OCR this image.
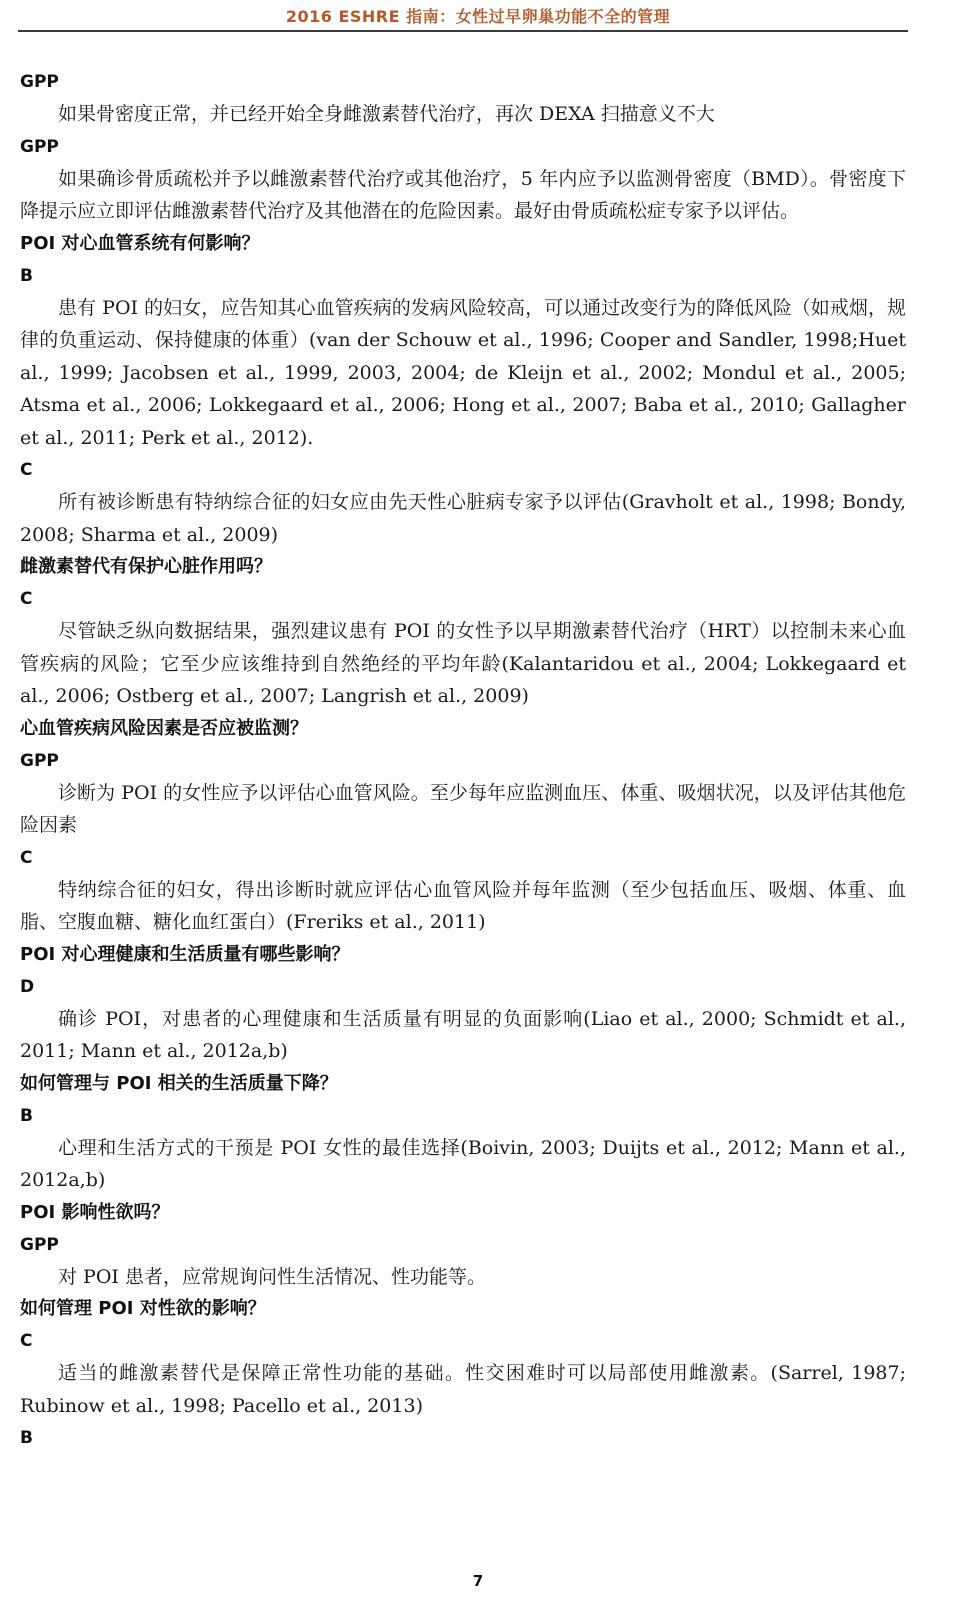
2016 ESHRE 指南：女性过早卵巢功能不全的管理
GPP

如果骨密度正常，并已经开始全身雌激素替代治疗，再次 DEXA 扫描意义不大

GPP

如果确诊骨质疏松并予以雌激素替代治疗或其他治疗，5 年内应予以监测骨密度（BMD）。骨密度下降提示应立即评估雌激素替代治疗及其他潜在的危险因素。最好由骨质疏松症专家予以评估。

POI 对心血管系统有何影响？
B

患有 POI 的妇女，应告知其心血管疾病的发病风险较高，可以通过改变行为的降低风险（如戒烟，规律的负重运动、保持健康的体重）(van der Schouw et al., 1996; Cooper and Sandler, 1998;Huet al., 1999; Jacobsen et al., 1999, 2003, 2004; de Kleijn et al., 2002; Mondul et al., 2005; Atsma et al., 2006; Lokkegaard et al., 2006; Hong et al., 2007; Baba et al., 2010; Gallagher et al., 2011; Perk et al., 2012).

C

所有被诊断患有特纳综合征的妇女应由先天性心脏病专家予以评估(Gravholt et al., 1998; Bondy, 2008; Sharma et al., 2009)

雌激素替代有保护心脏作用吗？
C

尽管缺乏纵向数据结果，强烈建议患有 POI 的女性予以早期激素替代治疗（HRT）以控制未来心血管疾病的风险；它至少应该维持到自然绝经的平均年龄(Kalantaridou et al., 2004; Lokkegaard et al., 2006; Ostberg et al., 2007; Langrish et al., 2009)

心血管疾病风险因素是否应被监测？
GPP

诊断为 POI 的女性应予以评估心血管风险。至少每年应监测血压、体重、吸烟状况，以及评估其他危险因素

C

特纳综合征的妇女，得出诊断时就应评估心血管风险并每年监测（至少包括血压、吸烟、体重、血脂、空腹血糖、糖化血红蛋白）(Freriks et al., 2011)

POI 对心理健康和生活质量有哪些影响？
D

确诊 POI，对患者的心理健康和生活质量有明显的负面影响(Liao et al., 2000; Schmidt et al., 2011; Mann et al., 2012a,b)

如何管理与 POI 相关的生活质量下降？
B

心理和生活方式的干预是 POI 女性的最佳选择(Boivin, 2003; Duijts et al., 2012; Mann et al., 2012a,b)

POI 影响性欲吗？
GPP

对 POI 患者，应常规询问性生活情况、性功能等。

如何管理 POI 对性欲的影响？
C

适当的雌激素替代是保障正常性功能的基础。性交困难时可以局部使用雌激素。(Sarrel, 1987; Rubinow et al., 1998; Pacello et al., 2013)

B
7
